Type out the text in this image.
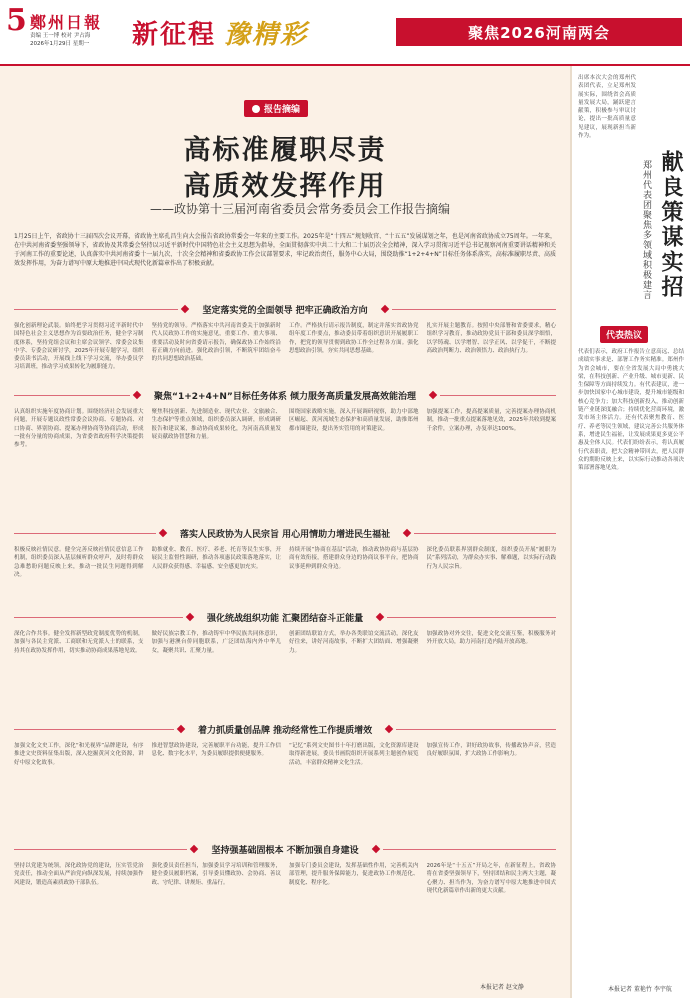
5 鄭州日報
责编 王一博 校对 尹占海
2026年1月29日 星期一	新征程 豫精彩	聚焦2026河南两会
报告摘编
高标准履职尽责
高质效发挥作用
——政协第十三届河南省委员会常务委员会工作报告摘编
1月25日上午，省政协十三届四次会议开幕，省政协主席孔昌生向大会报告省政协常委会一年来的主要工作。2025年是“十四五”规划收官、“十五五”发展谋划之年，也是河南省政协成立75周年。一年来，在中共河南省委坚强领导下，省政协及其常委会坚持以习近平新时代中国特色社会主义思想为指导，全面贯彻落实中共二十大和二十届历次全会精神，深入学习贯彻习近平总书记视察河南重要讲话精神和关于河南工作的重要论述，认真落实中共河南省委十一届九次、十次全会精神和省委政协工作会议部署要求，牢记政治责任，服务中心大局，围绕助推“1+2+4+N”目标任务体系落实，高标准履职尽责、高质效发挥作用，为奋力谱写中原大地推进中国式现代化新篇章作出了积极贡献。
坚定落实党的全面领导 把牢正确政治方向
强化创新理论武装。始终把学习贯彻习近平新时代中国特色社会主义思想作为首要政治任务，健全学习制度体系，坚持党组会议和主席会议领学、常委会议集中学、专委会议研讨学，2025年开展专题学习，组织委员读书活动，开展线上线下学习交流，举办委员学习培训班，推动学习成果转化为履职能力。
坚持党的领导。严格落实中共河南省委关于加强新时代人民政协工作的实施意见，重要工作、重大事项、重要活动及时向省委请示报告，确保政协工作始终沿着正确方向前进。强化政治引领，不断筑牢团结奋斗的共同思想政治基础。
工作。严格执行请示报告制度，制定并落实省政协党组年度工作要点，推动委员带着组织意识开展履职工作，把党的领导贯彻到政协工作全过程各方面。强化思想政治引领，夯实共同思想基础。
扎实开展主题教育。按照中央部署和省委要求，精心组织学习教育，推动政协党员干部和委员深学细悟，以学铸魂、以学增智、以学正风、以学促干，不断提高政治判断力、政治领悟力、政治执行力。
聚焦“1+2+4+N”目标任务体系 倾力服务高质量发展高效能治理
认真组织实施年度协商计划。围绕经济社会发展重大问题，开展专题议政性常委会议协商、专题协商、对口协商、界别协商、提案办理协商等协商活动，形成一批有分量的协商成果，为省委省政府科学决策提供参考。
聚焦科技创新、先进制造业、现代农业、文旅融合、生态保护等重点领域，组织委员深入调研，形成调研报告和建议案，推动协商成果转化，为河南高质量发展贡献政协智慧和力量。
围绕国家战略实施，深入开展调研视察，助力中部地区崛起、黄河流域生态保护和高质量发展，助推郑州都市圈建设，提出务实管用的对策建议。
加强提案工作，提高提案质量，完善提案办理协商机制，推动一批重点提案落地见效，2025年共收到提案千余件，立案办理，办复率达100%。
落实人民政协为人民宗旨 用心用情助力增进民生福祉
积极反映社情民意。健全完善反映社情民意信息工作机制，组织委员深入基层倾听群众呼声，及时将群众急难愁盼问题反映上来，推动一批民生问题得到解决。
助推就业、教育、医疗、养老、托育等民生实事，开展民主监督性调研，推动各项惠民政策落地落实，让人民群众获得感、幸福感、安全感更加充实。
持续开展“协商在基层”活动，推动政协协商与基层协商有效衔接，搭建群众身边的协商议事平台，把协商议事延伸到群众身边。
深化委员联系界别群众制度，组织委员开展“履职为民”系列活动，为群众办实事、解难题，以实际行动践行为人民宗旨。
强化统战组织功能 汇聚团结奋斗正能量
深化合作共事。健全发挥新型政党制度优势的机制，加强与各民主党派、工商联和无党派人士的联系，支持其在政协发挥作用，切实推动协商成果落地见效。
做好民族宗教工作，推动铸牢中华民族共同体意识，加强与港澳台侨同胞联系，广泛团结海内外中华儿女，凝聚共识、汇聚力量。
创新团结联谊方式，举办各类联谊交流活动，深化友好往来，讲好河南故事，不断扩大团结面、增强凝聚力。
加强政协对外交往，促进文化交流互鉴，积极服务对外开放大局，助力河南打造内陆开放高地。
着力抓质量创品牌 推动经常性工作提质增效
加强文化文史工作，深化“和光视界”品牌建设，有序推进文史资料征集出版，深入挖掘黄河文化资源，讲好中原文化故事。
推进智慧政协建设，完善履职平台功能，提升工作信息化、数字化水平，为委员履职提供便捷服务。
“记忆”系列文史图书十年打磨出版，文化资源库建设取得新进展，委员书画院组织开展系列主题创作展览活动，丰富群众精神文化生活。
加强宣传工作，讲好政协故事，传播政协声音，营造良好履职氛围，扩大政协工作影响力。
坚持强基础固根本 不断加强自身建设
坚持以党建为统领，深化政协党的建设，压实管党治党责任，推动全面从严治党向纵深发展，持续加强作风建设，锻造高素质政协干部队伍。
强化委员责任担当，加强委员学习培训和管理服务，健全委员履职档案，引导委员懂政协、会协商、善议政、守纪律、讲规矩、重品行。
加强专门委员会建设，发挥基础性作用，完善机关内部管理，提升服务保障能力，促进政协工作规范化、制度化、程序化。
2026年是“十五五”开局之年，在新征程上，省政协将在省委坚强领导下，坚持团结和民主两大主题，凝心聚力、担当作为，为奋力谱写中原大地推进中国式现代化新篇章作出新的更大贡献。
本报记者 赵文静
出席本次大会的郑州代表团代表，立足郑州发展实际，围绕省会高质量发展大局，踊跃建言献策，积极参与审议讨论，提出一批高质量意见建议，展现新担当新作为。
献良策谋实招
郑州代表团聚焦多领域积极建言
代表热议
代表们表示，政府工作报告立意高远、总结成绩实事求是、部署工作务实精准。郑州作为省会城市，要在全省发展大局中勇挑大梁，在科技创新、产业升级、城市更新、民生保障等方面持续发力。有代表建议，进一步加快国家中心城市建设，提升城市能级和核心竞争力；加大科技创新投入，推动创新链产业链深度融合；持续优化营商环境，激发市场主体活力。还有代表聚焦教育、医疗、养老等民生领域，建议完善公共服务体系，增进民生福祉，让发展成果更多更公平惠及全体人民。代表们纷纷表示，将认真履行代表职责，把大会精神带回去，把人民群众的期盼反映上来，以实际行动推动各项决策部署落地见效。
本报记者 董艳竹 李宇航
